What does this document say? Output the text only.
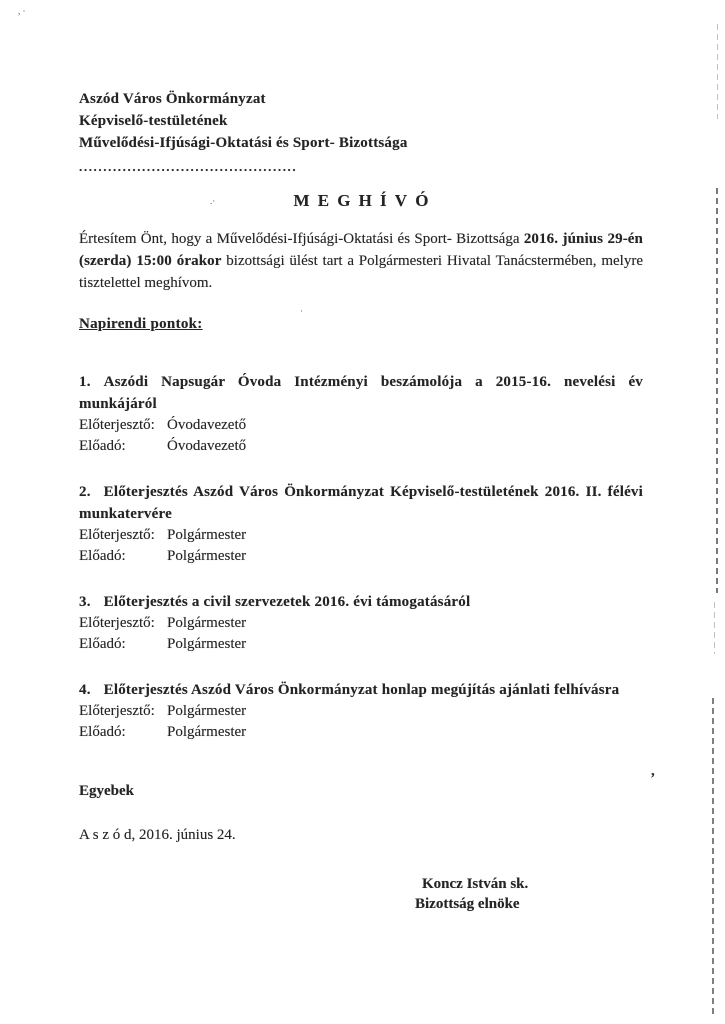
, ·
.·
·
,
Aszód Város Önkormányzat
Képviselő-testületének
Művelődési-Ifjúsági-Oktatási és Sport- Bizottsága
.............................................
MEGHÍVÓ

Értesítem Önt, hogy a Művelődési-Ifjúsági-Oktatási és Sport- Bizottsága 2016. június 29-én (szerda) 15:00 órakor bizottsági ülést tart a Polgármesteri Hivatal Tanácstermében, melyre tisztelettel meghívom.

Napirendi pontok:
1. Aszódi Napsugár Óvoda Intézményi beszámolója a 2015-16. nevelési év munkájáról
Előterjesztő: Óvodavezető
Előadó:	Óvodavezető
2. Előterjesztés Aszód Város Önkormányzat Képviselő-testületének 2016. II. félévi munkatervére
Előterjesztő: Polgármester
Előadó:	Polgármester
3. Előterjesztés a civil szervezetek 2016. évi támogatásáról
Előterjesztő: Polgármester
Előadó:	Polgármester
4. Előterjesztés Aszód Város Önkormányzat honlap megújítás ajánlati felhívásra
Előterjesztő: Polgármester
Előadó:	Polgármester
Egyebek
A s z ó d, 2016. június 24.
Koncz István sk.
Bizottság elnöke
